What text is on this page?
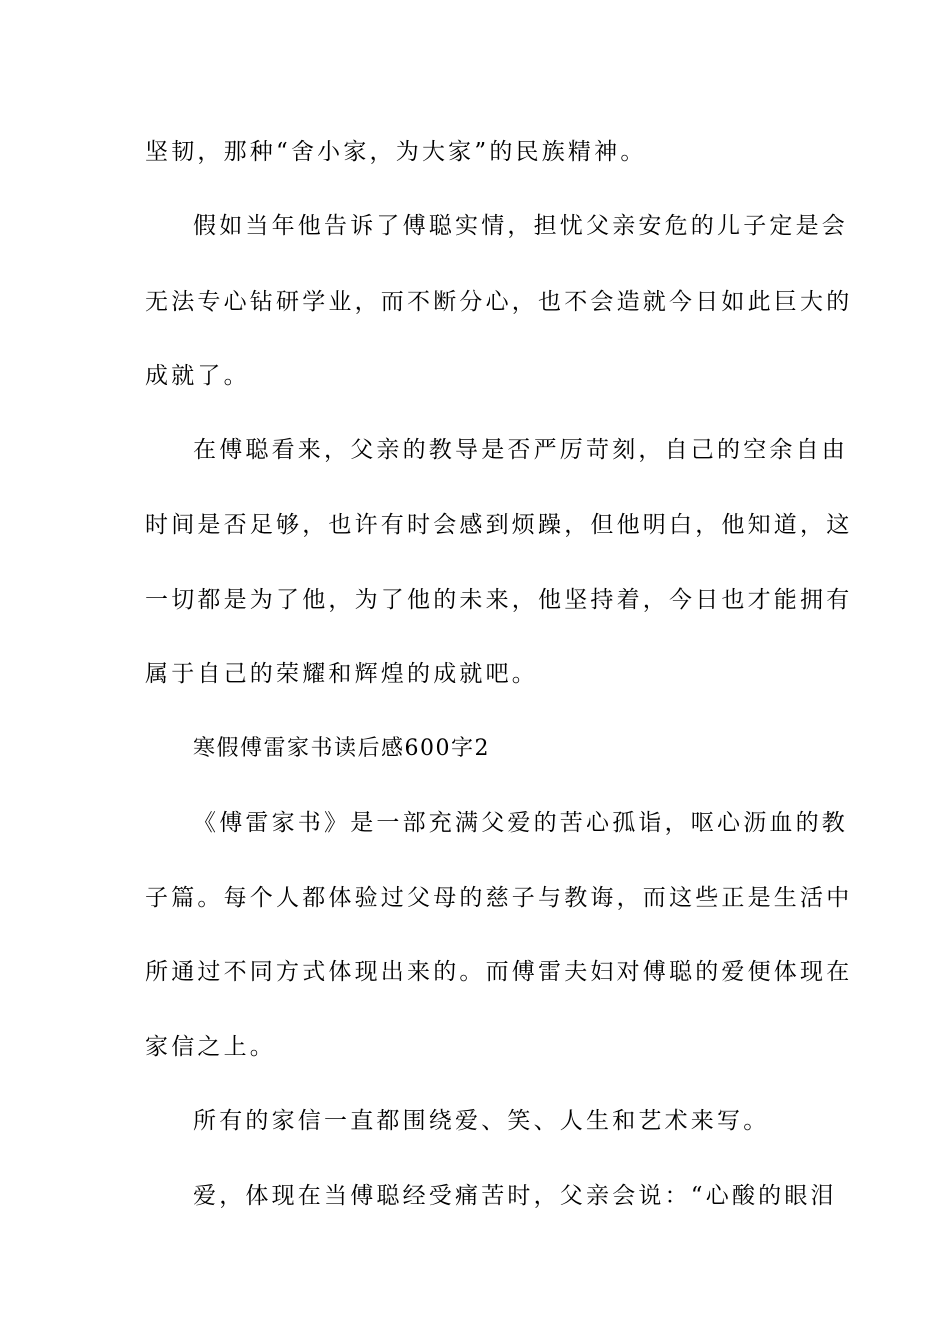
坚韧，那种“舍小家，为大家”的民族精神。
假如当年他告诉了傅聪实情，担忧父亲安危的儿子定是会
无法专心钻研学业，而不断分心，也不会造就今日如此巨大的
成就了。
在傅聪看来，父亲的教导是否严厉苛刻，自己的空余自由
时间是否足够，也许有时会感到烦躁，但他明白，他知道，这
一切都是为了他，为了他的未来，他坚持着，今日也才能拥有
属于自己的荣耀和辉煌的成就吧。
寒假傅雷家书读后感600字2
《傅雷家书》是一部充满父爱的苦心孤诣，呕心沥血的教
子篇。每个人都体验过父母的慈子与教诲，而这些正是生活中
所通过不同方式体现出来的。而傅雷夫妇对傅聪的爱便体现在
家信之上。
所有的家信一直都围绕爱、笑、人生和艺术来写。
爱，体现在当傅聪经受痛苦时，父亲会说：“心酸的眼泪
